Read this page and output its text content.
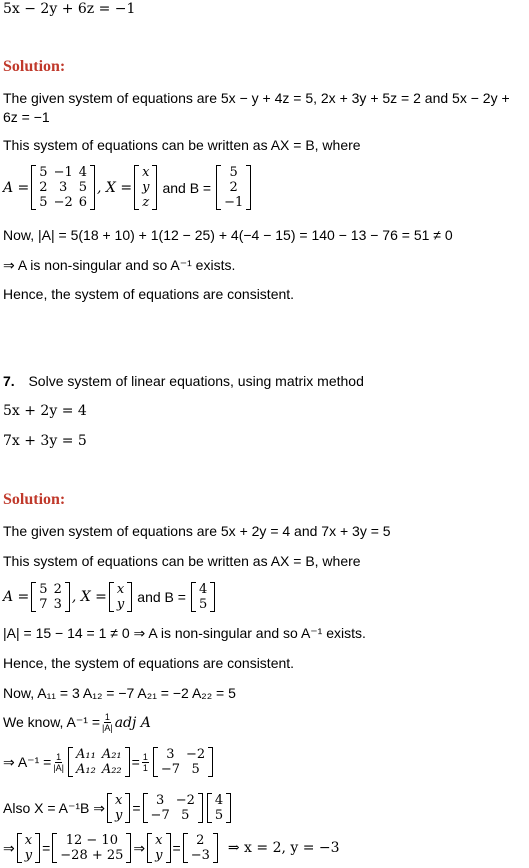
5x − 2y + 6z = −1
Solution:
The given system of equations are 5x − y + 4z = 5, 2x + 3y + 5z = 2 and 5x − 2y +
6z = −1
This system of equations can be written as AX = B, where
A =
5 −1 4
2 3 5
5 −2 6
, X =
x
y
z
and B =
5
2
−1
Now, |A| = 5(18 + 10) + 1(12 − 25) + 4(−4 − 15) = 140 − 13 − 76 = 51 ≠ 0
⇒ A is non-singular and so A⁻¹ exists.
Hence, the system of equations are consistent.
7. Solve system of linear equations, using matrix method
5x + 2y = 4
7x + 3y = 5
Solution:
The given system of equations are 5x + 2y = 4 and 7x + 3y = 5
This system of equations can be written as AX = B, where
A = 5 2
7 3 , X = x
y and B = 4
5
|A| = 15 − 14 = 1 ≠ 0 ⇒ A is non-singular and so A⁻¹ exists.
Hence, the system of equations are consistent.
Now, A₁₁ = 3 A₁₂ = −7 A₂₁ = −2 A₂₂ = 5
We know, $A^{-1} = \frac{1}{|A|}$ adj A
⇒ $A^{-1} = \frac{1}{|A|} A_{11}$ A₂₁
A₁₂ $A_{22} = \frac{1}{1}$	3 −2
−7 5
Also X = A⁻¹B ⇒ x
y =	3 −2
−7 5
4
5
⇒ x
y =	12 − 10
−28 + 25 ⇒ x
y =	2
−3 ⇒ x = 2, y = −3
